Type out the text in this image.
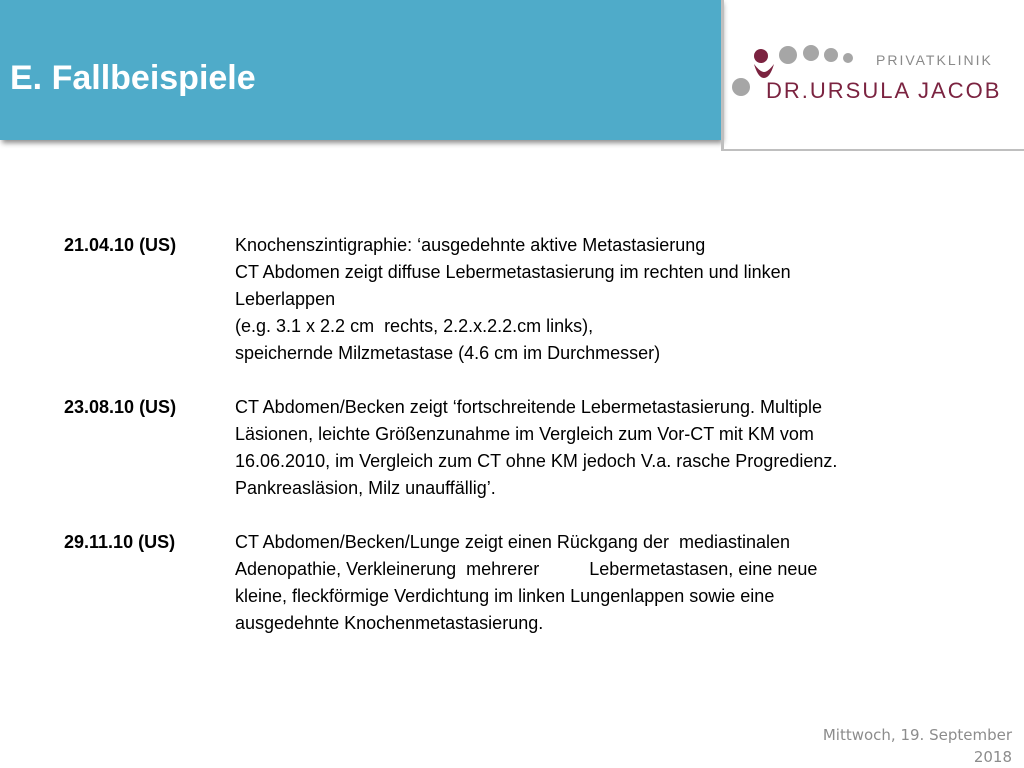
E. Fallbeispiele	PRIVATKLINIK
DR.URSULA JACOB
21.04.10 (US)	Knochenszintigraphie: ‘ausgedehnte aktive Metastasierung
CT Abdomen zeigt diffuse Lebermetastasierung im rechten und linken
Leberlappen
(e.g. 3.1 x 2.2 cm  rechts, 2.2.x.2.2.cm links),
speichernde Milzmetastase (4.6 cm im Durchmesser)
23.08.10 (US)	CT Abdomen/Becken zeigt ‘fortschreitende Lebermetastasierung. Multiple
Läsionen, leichte Größenzunahme im Vergleich zum Vor-CT mit KM vom
16.06.2010, im Vergleich zum CT ohne KM jedoch V.a. rasche Progredienz.
Pankreasläsion, Milz unauffällig’.
29.11.10 (US)	CT Abdomen/Becken/Lunge zeigt einen Rückgang der  mediastinalen
Adenopathie, Verkleinerung  mehrerer          Lebermetastasen, eine neue
kleine, fleckförmige Verdichtung im linken Lungenlappen sowie eine
ausgedehnte Knochenmetastasierung.
Mittwoch, 19. September
2018
